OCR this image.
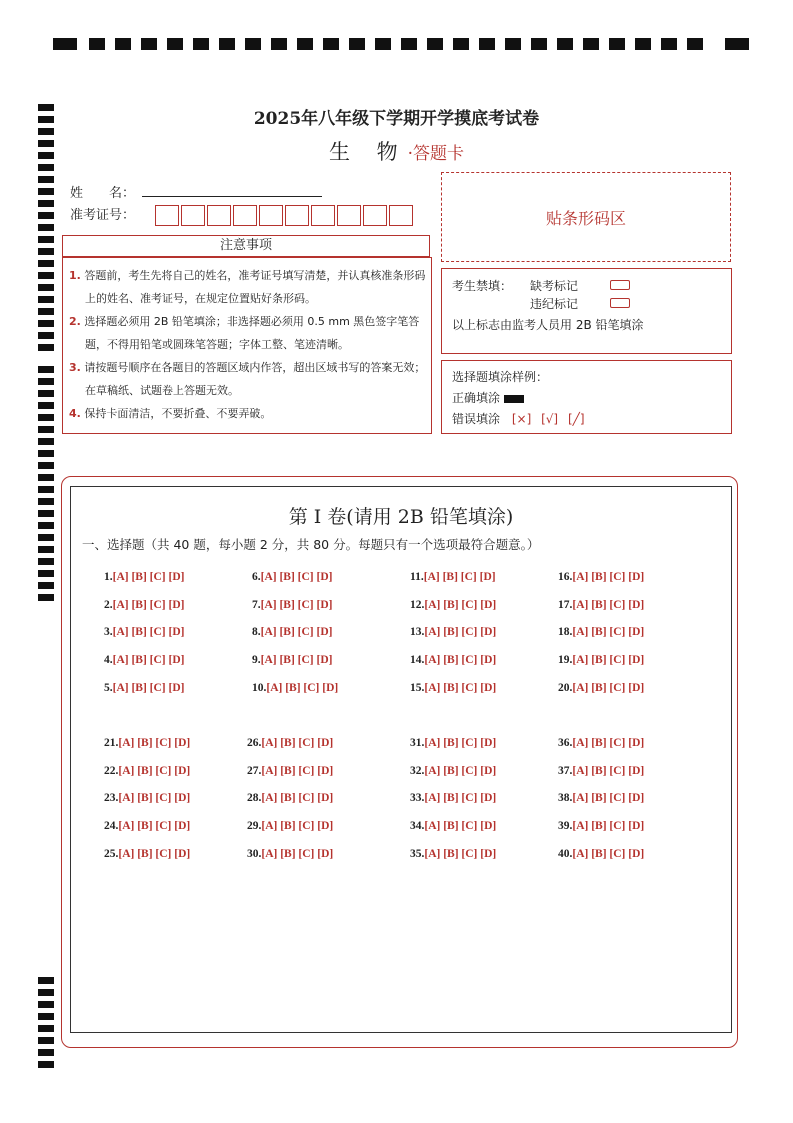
2025年八年级下学期开学摸底考试卷
生 物·答题卡
姓　　名：
准考证号：	贴条形码区
注意事项

1. 答题前，考生先将自己的姓名，准考证号填写清楚，并认真核准条形码上的姓名、准考证号，在规定位置贴好条形码。

2. 选择题必须用 2B 铅笔填涂；非选择题必须用 0.5 mm 黑色签字笔答题，不得用铅笔或圆珠笔答题；字体工整、笔迹清晰。

3. 请按题号顺序在各题目的答题区域内作答，超出区域书写的答案无效；在草稿纸、试题卷上答题无效。

4. 保持卡面清洁，不要折叠、不要弄破。

考生禁填： 缺考标记
违纪标记
以上标志由监考人员用 2B 铅笔填涂
选择题填涂样例：
正确填涂
错误填涂 [×] [√] [╱]
第 I 卷(请用 2B 铅笔填涂)
一、选择题（共 40 题，每小题 2 分，共 80 分。每题只有一个选项最符合题意。）
1.[A] [B] [C] [D]
2.[A] [B] [C] [D]
3.[A] [B] [C] [D]
4.[A] [B] [C] [D]
5.[A] [B] [C] [D]
6.[A] [B] [C] [D]
7.[A] [B] [C] [D]
8.[A] [B] [C] [D]
9.[A] [B] [C] [D]
10.[A] [B] [C] [D]
11.[A] [B] [C] [D]
12.[A] [B] [C] [D]
13.[A] [B] [C] [D]
14.[A] [B] [C] [D]
15.[A] [B] [C] [D]
16.[A] [B] [C] [D]
17.[A] [B] [C] [D]
18.[A] [B] [C] [D]
19.[A] [B] [C] [D]
20.[A] [B] [C] [D]
21.[A] [B] [C] [D]
22.[A] [B] [C] [D]
23.[A] [B] [C] [D]
24.[A] [B] [C] [D]
25.[A] [B] [C] [D]
26.[A] [B] [C] [D]
27.[A] [B] [C] [D]
28.[A] [B] [C] [D]
29.[A] [B] [C] [D]
30.[A] [B] [C] [D]
31.[A] [B] [C] [D]
32.[A] [B] [C] [D]
33.[A] [B] [C] [D]
34.[A] [B] [C] [D]
35.[A] [B] [C] [D]
36.[A] [B] [C] [D]
37.[A] [B] [C] [D]
38.[A] [B] [C] [D]
39.[A] [B] [C] [D]
40.[A] [B] [C] [D]
